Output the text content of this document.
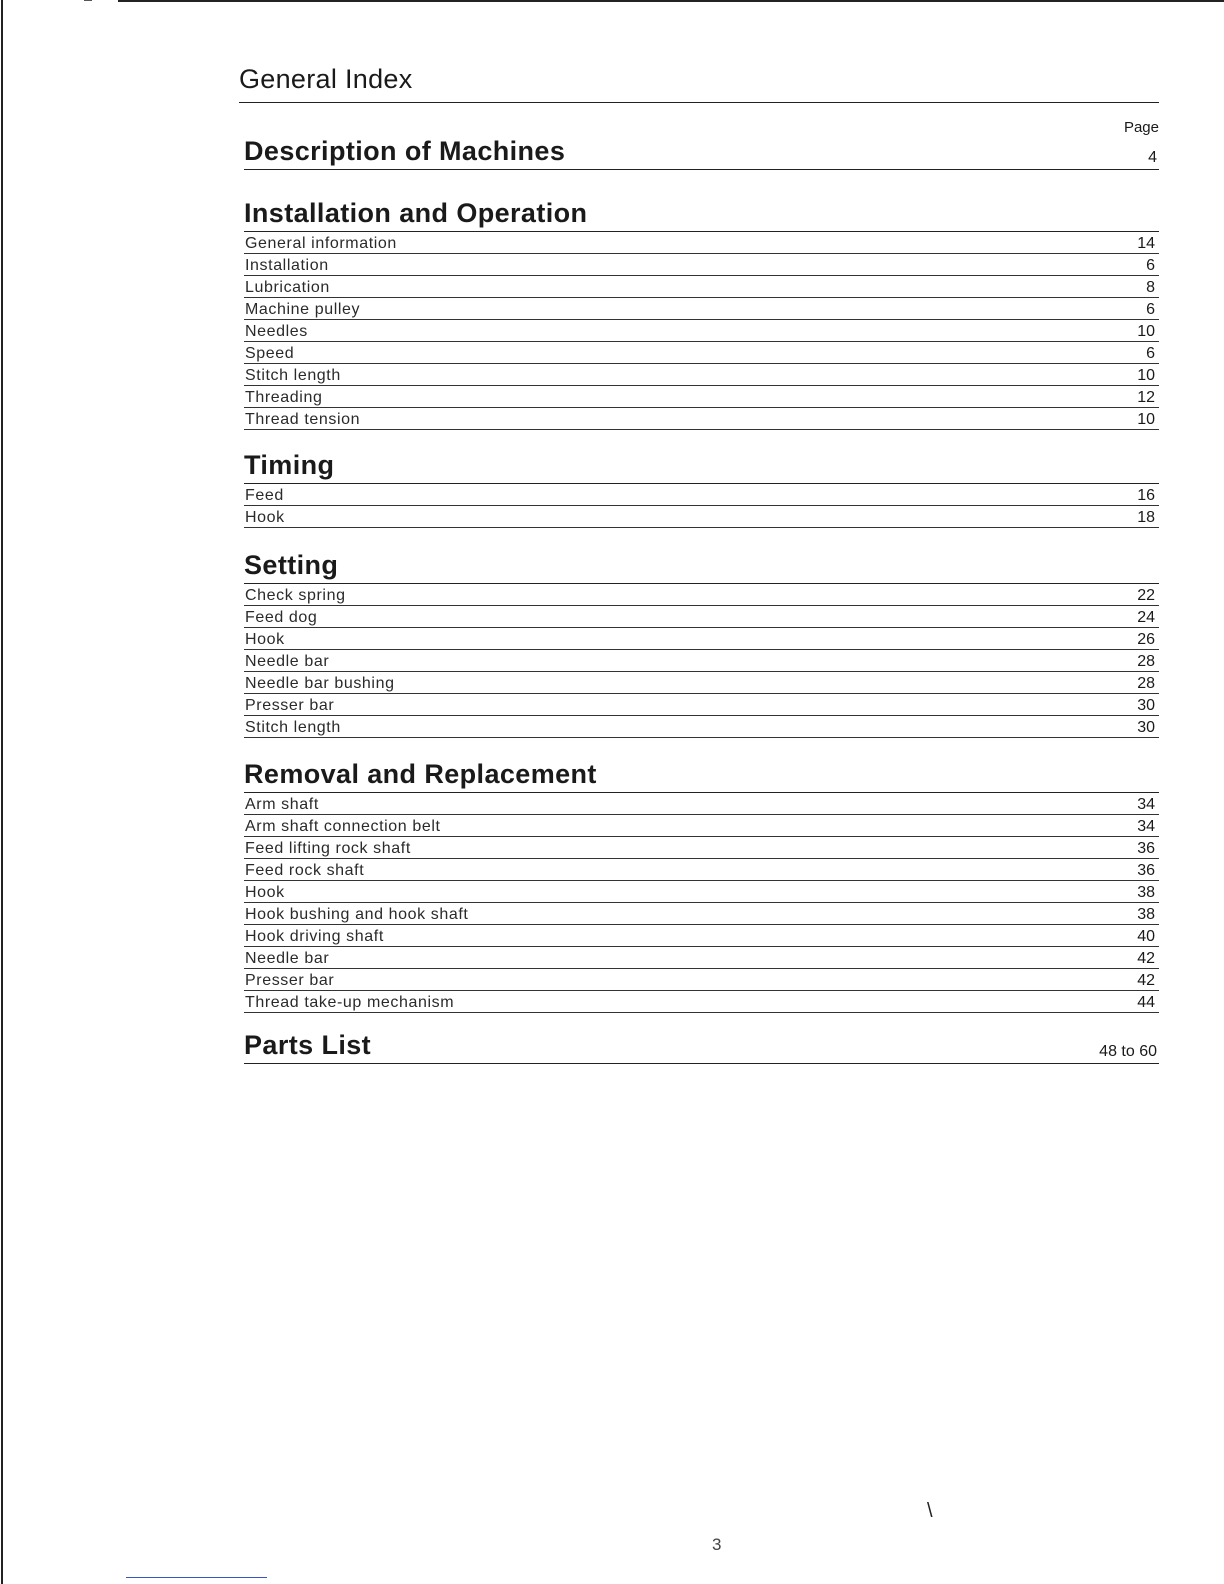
General Index
Page
Description of Machines	4
Installation and Operation
General information	14
Installation	6
Lubrication	8
Machine pulley	6
Needles	10
Speed	6
Stitch length	10
Threading	12
Thread tension	10
Timing
Feed	16
Hook	18
Setting
Check spring	22
Feed dog	24
Hook	26
Needle bar	28
Needle bar bushing	28
Presser bar	30
Stitch length	30
Removal and Replacement
Arm shaft	34
Arm shaft connection belt	34
Feed lifting rock shaft	36
Feed rock shaft	36
Hook	38
Hook bushing and hook shaft	38
Hook driving shaft	40
Needle bar	42
Presser bar	42
Thread take-up mechanism	44
Parts List	48 to 60
\
3
